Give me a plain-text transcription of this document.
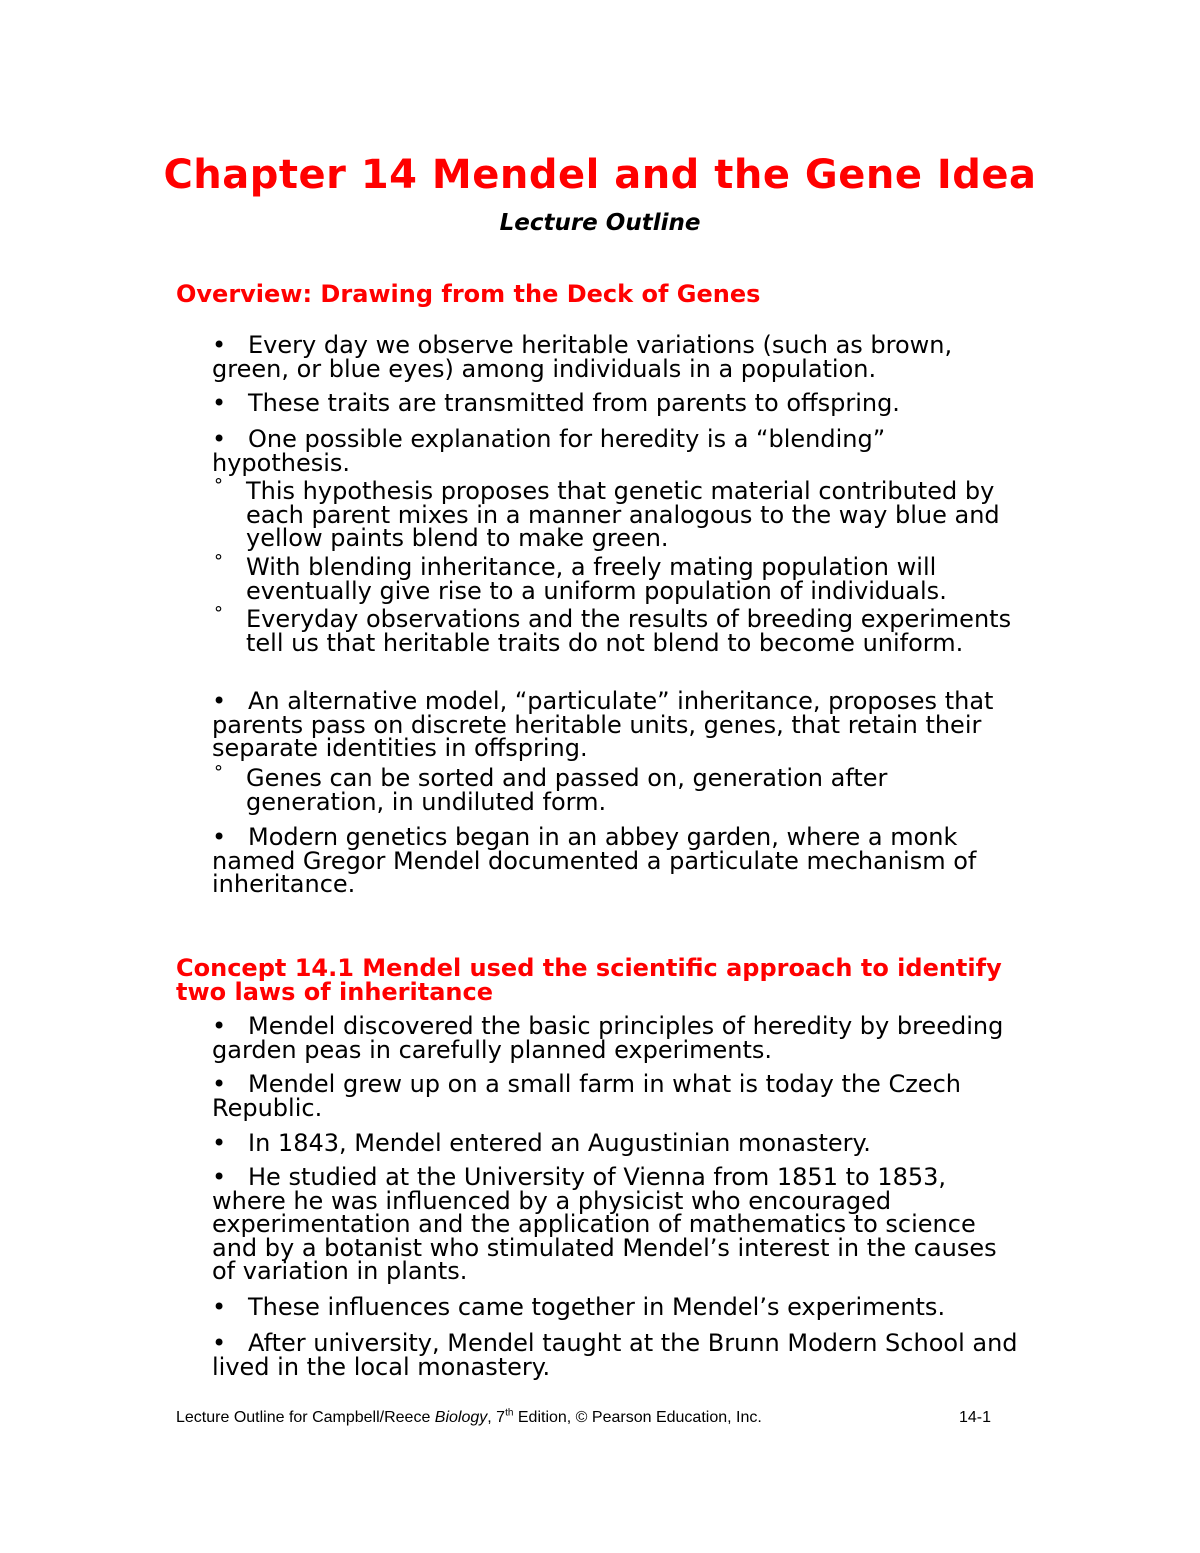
Chapter 14 Mendel and the Gene Idea
Lecture Outline
Overview: Drawing from the Deck of Genes

• Every day we observe heritable variations (such as brown, green, or blue eyes) among individuals in a population.

• These traits are transmitted from parents to offspring.

• One possible explanation for heredity is a “blending” hypothesis.

° This hypothesis proposes that genetic material contributed by each parent mixes in a manner analogous to the way blue and yellow paints blend to make green.

° With blending inheritance, a freely mating population will eventually give rise to a uniform population of individuals.

° Everyday observations and the results of breeding experiments tell us that heritable traits do not blend to become uniform.

• An alternative model, “particulate” inheritance, proposes that parents pass on discrete heritable units, genes, that retain their separate identities in offspring.

° Genes can be sorted and passed on, generation after generation, in undiluted form.

• Modern genetics began in an abbey garden, where a monk named Gregor Mendel documented a particulate mechanism of inheritance.

Concept 14.1 Mendel used the scientific approach to identify two laws of inheritance

• Mendel discovered the basic principles of heredity by breeding garden peas in carefully planned experiments.

• Mendel grew up on a small farm in what is today the Czech Republic.

• In 1843, Mendel entered an Augustinian monastery.

• He studied at the University of Vienna from 1851 to 1853, where he was influenced by a physicist who encouraged experimentation and the application of mathematics to science and by a botanist who stimulated Mendel’s interest in the causes of variation in plants.

• These influences came together in Mendel’s experiments.

• After university, Mendel taught at the Brunn Modern School and lived in the local monastery.

Lecture Outline for Campbell/Reece Biology, 7th Edition, © Pearson Education, Inc.	14-1
